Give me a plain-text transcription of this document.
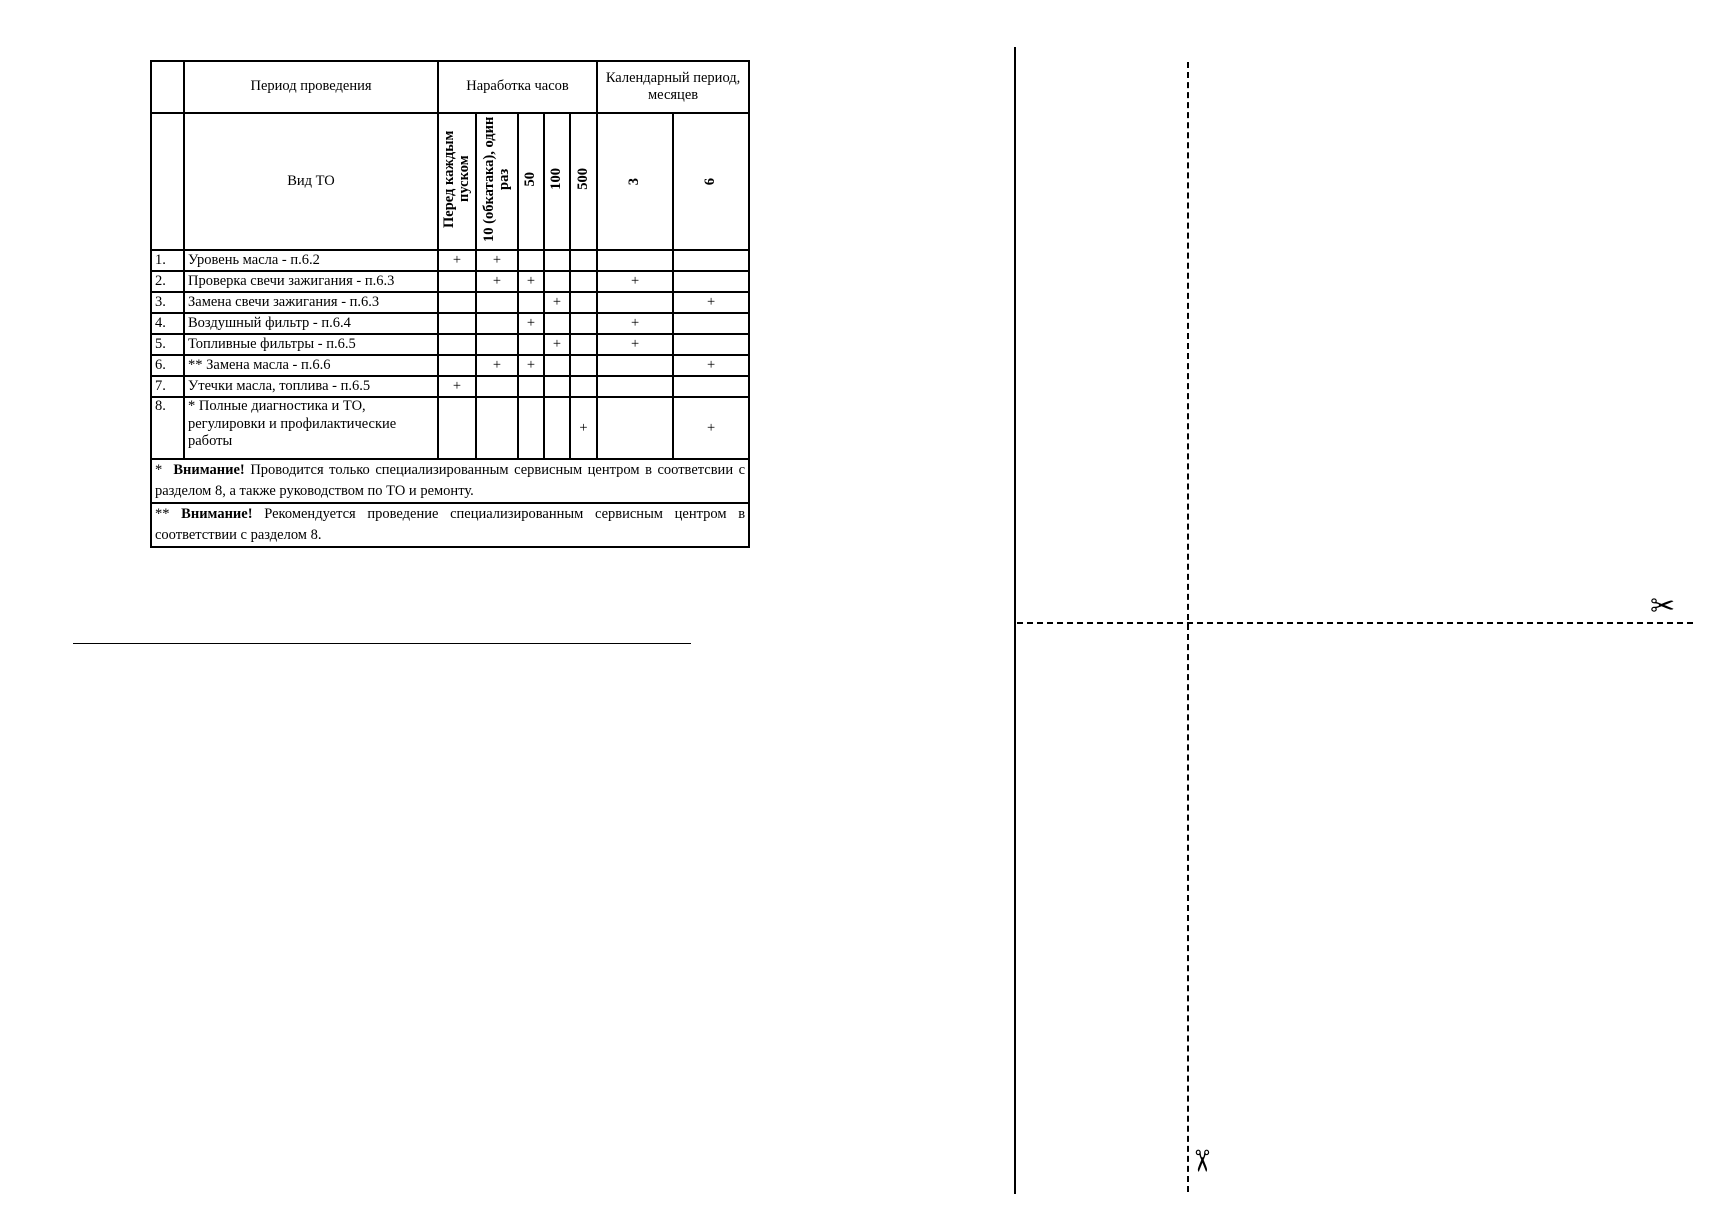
	Период проведения	Наработка часов					Календарный период, месяцев	
	Вид ТО	Перед каждым пуском	10 (обкатака), один раз	50	100	500	3	6
1.	Уровень масла - п.6.2	+	+					
2.	Проверка свечи зажигания - п.6.3		+	+			+	
3.	Замена свечи зажигания - п.6.3				+			+
4.	Воздушный фильтр - п.6.4			+			+	
5.	Топливные фильтры - п.6.5				+		+	
6.	** Замена масла - п.6.6		+	+				+
7.	Утечки масла, топлива - п.6.5	+						
8.	* Полные диагностика и ТО, регулировки и профилактические работы					+		+
* Внимание! Проводится только специализированным сервисным центром в соответсвии с разделом 8, а также руководством по ТО и ремонту.								
** Внимание! Рекомендуется проведение специализированным сервисным центром в соответствии с разделом 8.								
✂
✂
